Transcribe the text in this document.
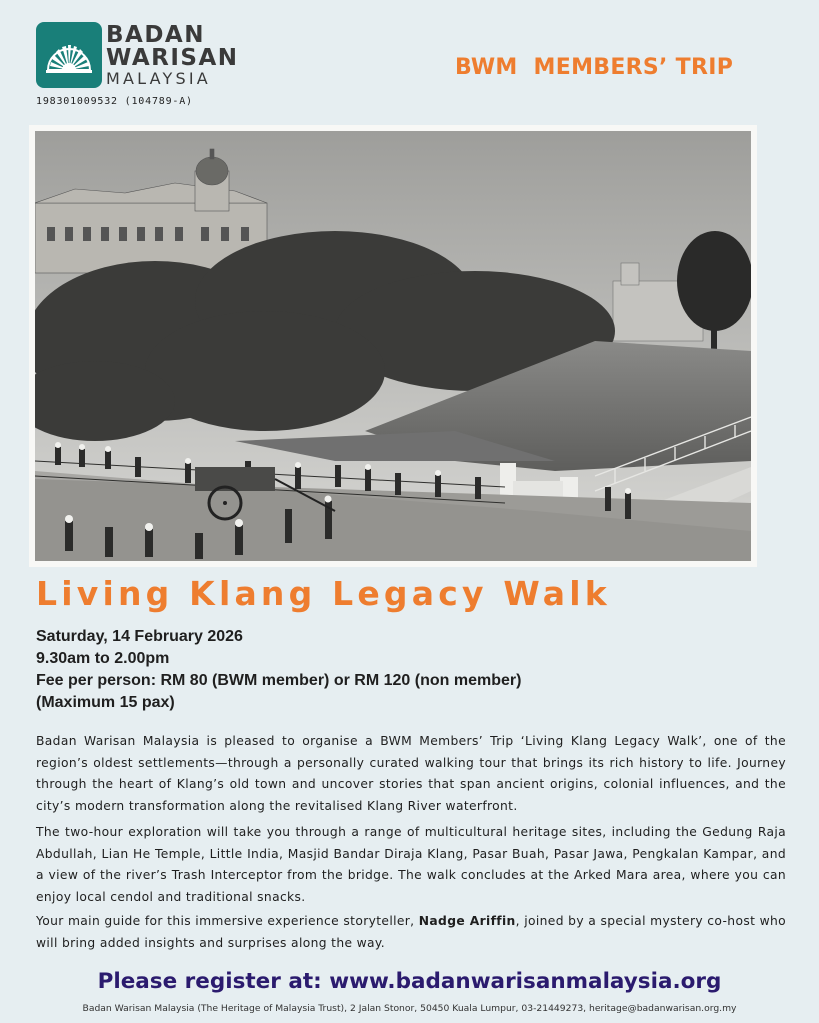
BADAN
WARISAN
MALAYSIA
198301009532 (104789-A)
BWM  MEMBERS’ TRIP
Living Klang Legacy Walk
Saturday, 14 February 2026
9.30am to 2.00pm
Fee per person: RM 80 (BWM member) or RM 120 (non member)
(Maximum 15 pax)

Badan Warisan Malaysia is pleased to organise a BWM Members’ Trip ‘Living Klang Legacy Walk’, one of the region’s oldest settlements—through a personally curated walking tour that brings its rich history to life. Journey through the heart of Klang’s old town and uncover stories that span ancient origins, colonial influences, and the city’s modern transformation along the revitalised Klang River waterfront.

The two-hour exploration will take you through a range of multicultural heritage sites, including the Gedung Raja Abdullah, Lian He Temple, Little India, Masjid Bandar Diraja Klang, Pasar Buah, Pasar Jawa, Pengkalan Kampar, and a view of the river’s Trash Interceptor from the bridge. The walk concludes at the Arked Mara area, where you can enjoy local cendol and traditional snacks.

Your main guide for this immersive experience storyteller, Nadge Ariffin, joined by a special mystery co-host who will bring added insights and surprises along the way.

Please register at: www.badanwarisanmalaysia.org
Badan Warisan Malaysia (The Heritage of Malaysia Trust), 2 Jalan Stonor, 50450 Kuala Lumpur, 03-21449273, heritage@badanwarisan.org.my
